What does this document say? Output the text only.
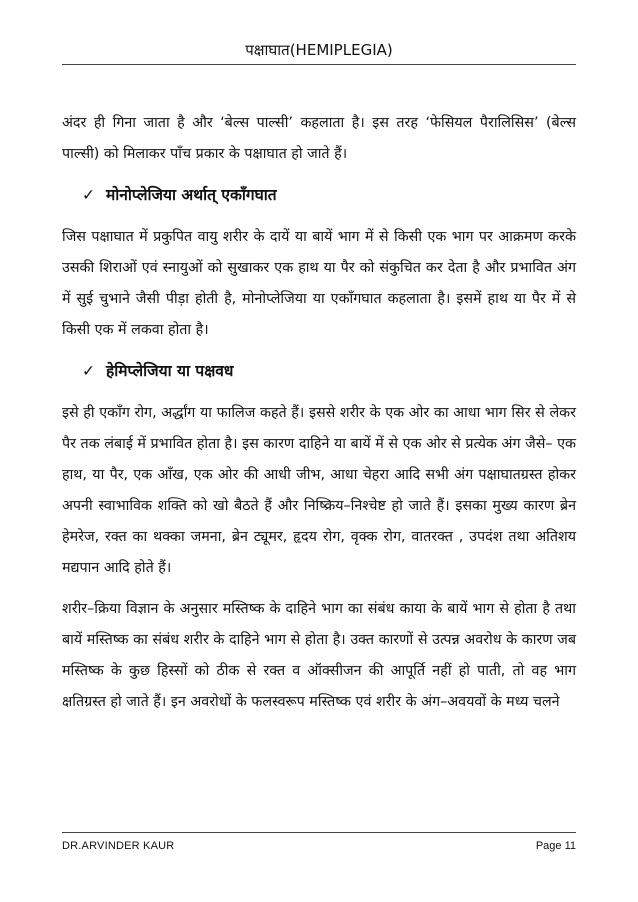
पक्षाघात(HEMIPLEGIA)

अंदर ही गिना जाता है और ‘बेल्स पाल्सी’ कहलाता है। इस तरह ‘फेसियल पैरालिसिस’ (बेल्स पाल्सी) को मिलाकर पाँच प्रकार के पक्षाघात हो जाते हैं।

✓ मोनोप्लेजिया अर्थात् एकाँगघात

जिस पक्षाघात में प्रकुपित वायु शरीर के दायें या बायें भाग में से किसी एक भाग पर आक्रमण करके उसकी शिराओं एवं स्नायुओं को सुखाकर एक हाथ या पैर को संकुचित कर देता है और प्रभावित अंग में सुई चुभाने जैसी पीड़ा होती है, मोनोप्लेजिया या एकाँगघात कहलाता है। इसमें हाथ या पैर में से किसी एक में लकवा होता है।

✓ हेमिप्लेजिया या पक्षवध

इसे ही एकाँग रोग, अर्द्धांग या फालिज कहते हैं। इससे शरीर के एक ओर का आधा भाग सिर से लेकर पैर तक लंबाई में प्रभावित होता है। इस कारण दाहिने या बायें में से एक ओर से प्रत्येक अंग जैसे– एक हाथ, या पैर, एक आँख, एक ओर की आधी जीभ, आधा चेहरा आदि सभी अंग पक्षाघातग्रस्त होकर अपनी स्वाभाविक शक्ति को खो बैठते हैं और निष्क्रिय–निश्चेष्ट हो जाते हैं। इसका मुख्य कारण ब्रेन हेमरेज, रक्त का थक्का जमना, ब्रेन ट्यूमर, हृदय रोग, वृक्क रोग, वातरक्त , उपदंश तथा अतिशय मद्यपान आदि होते हैं।

शरीर–क्रिया विज्ञान के अनुसार मस्तिष्क के दाहिने भाग का संबंध काया के बायें भाग से होता है तथा बायें मस्तिष्क का संबंध शरीर के दाहिने भाग से होता है। उक्त कारणों से उत्पन्न अवरोध के कारण जब मस्तिष्क के कुछ हिस्सों को ठीक से रक्त व ऑक्सीजन की आपूर्ति नहीं हो पाती, तो वह भाग क्षतिग्रस्त हो जाते हैं। इन अवरोधों के फलस्वरूप मस्तिष्क एवं शरीर के अंग–अवयवों के मध्य चलने

DR.ARVINDER KAUR	Page 11
